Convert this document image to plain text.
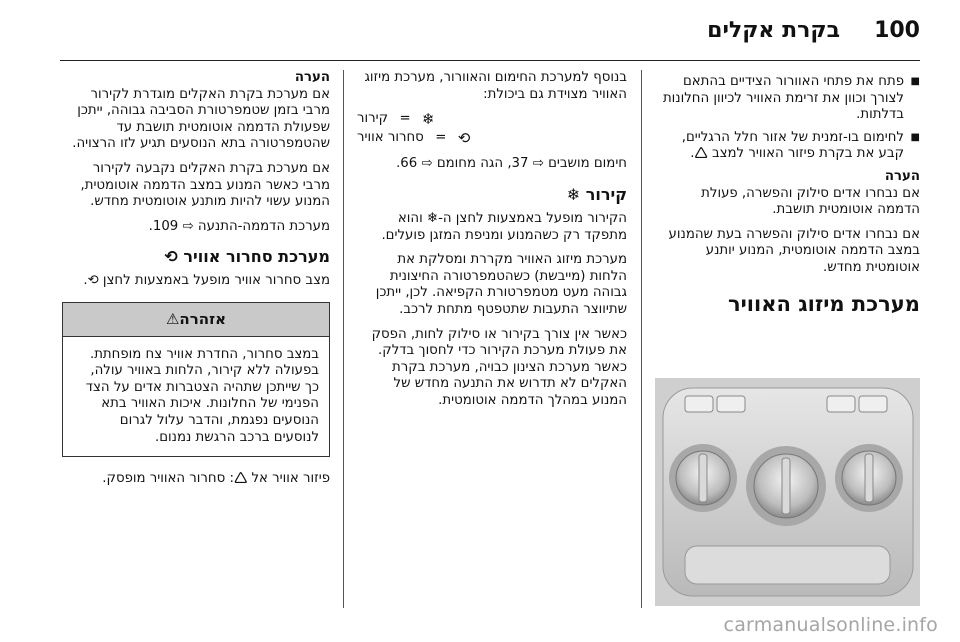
100
בקרת אקלים
■
פתח את פתחי האוורור הצידיים בהתאם לצורך וכוון את זרימת האוויר לכיוון החלונות בדלתות.
■
לחימום בו-זמנית של אזור חלל הרגליים, קבע את בקרת פיזור האוויר למצב 🛆.
הערה

אם נבחרו אדים סילוק והפשרה, פעולת הדממה אוטומטית תושבת.

אם נבחרו אדים סילוק והפשרה בעת שהמנוע במצב הדממה אוטומטית, המנוע יותנע אוטומטית מחדש.

מערכת מיזוג האוויר

בנוסף למערכת החימום והאוורור, מערכת מיזוג האוויר מצוידת גם ביכולת:

❄
=
קירור
⟲
=
סחרור אוויר

חימום מושבים ⇨ 37, הגה מחומם ⇨ 66.

קירור ❄

הקירור מופעל באמצעות לחצן ה-❄ והוא מתפקד רק כשהמנוע ומניפת המזגן פועלים.

מערכת מיזוג האוויר מקררת ומסלקת את הלחות (מייבשת) כשהטמפרטורה החיצונית גבוהה מעט מטמפרטורת הקפיאה. לכן, ייתכן שתיווצר התעבות שתטפטף מתחת לרכב.

כאשר אין צורך בקירור או סילוק לחות, הפסק את פעולת מערכת הקירור כדי לחסוך בדלק. כאשר מערכת הצינון כבויה, מערכת בקרת האקלים לא תדרוש את התנעה מחדש של המנוע במהלך הדממה אוטומטית.

הערה

אם מערכת בקרת האקלים מוגדרת לקירור מרבי בזמן שטמפרטורת הסביבה גבוהה, ייתכן שפעולת הדממה אוטומטית תושבת עד שהטמפרטורה בתא הנוסעים תגיע לזו הרצויה.

אם מערכת בקרת האקלים נקבעה לקירור מרבי כאשר המנוע במצב הדממה אוטומטית, המנוע עשוי להיות מותנע אוטומטית מחדש.

מערכת הדממה-התנעה ⇨ 109.

מערכת סחרור אוויר ⟲

מצב סחרור אוויר מופעל באמצעות לחצן ⟲.

אזהרה⚠
במצב סחרור, החדרת אוויר צח מופחתת. בפעולה ללא קירור, הלחות באוויר עולה, כך שייתכן שתהיה הצטברות אדים על הצד הפנימי של החלונות. איכות האוויר בתא הנוסעים נפגמת, והדבר עלול לגרום לנוסעים ברכב הרגשת נמנום.

פיזור אוויר אל 🛆: סחרור האוויר מופסק.

carmanualsonline.info
